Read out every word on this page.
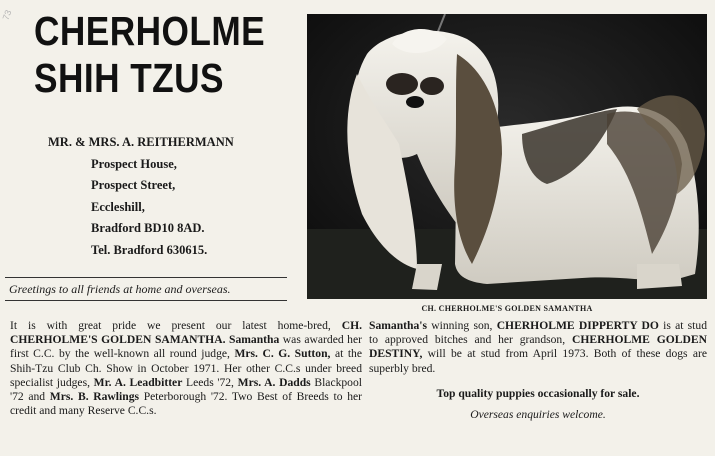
73 CHERHOLME
SHIH TZUS
MR. & MRS. A. REITHERMANN
Prospect House,
Prospect Street,
Eccleshill,
Bradford BD10 8AD.
Tel. Bradford 630615.
Greetings to all friends at home and overseas.
CH. CHERHOLME'S GOLDEN SAMANTHA
It is with great pride we present our latest home-bred, CH. CHERHOLME'S GOLDEN SAMANTHA. Samantha was awarded her first C.C. by the well-known all round judge, Mrs. C. G. Sutton, at the Shih-Tzu Club Ch. Show in October 1971. Her other C.C.s under breed specialist judges, Mr. A. Leadbitter Leeds '72, Mrs. A. Dadds Blackpool '72 and Mrs. B. Rawlings Peterborough '72. Two Best of Breeds to her credit and many Reserve C.C.s.
Samantha's winning son, CHERHOLME DIPPERTY DO is at stud to approved bitches and her grandson, CHERHOLME GOLDEN DESTINY, will be at stud from April 1973. Both of these dogs are superbly bred.
Top quality puppies occasionally for sale.
Overseas enquiries welcome.
